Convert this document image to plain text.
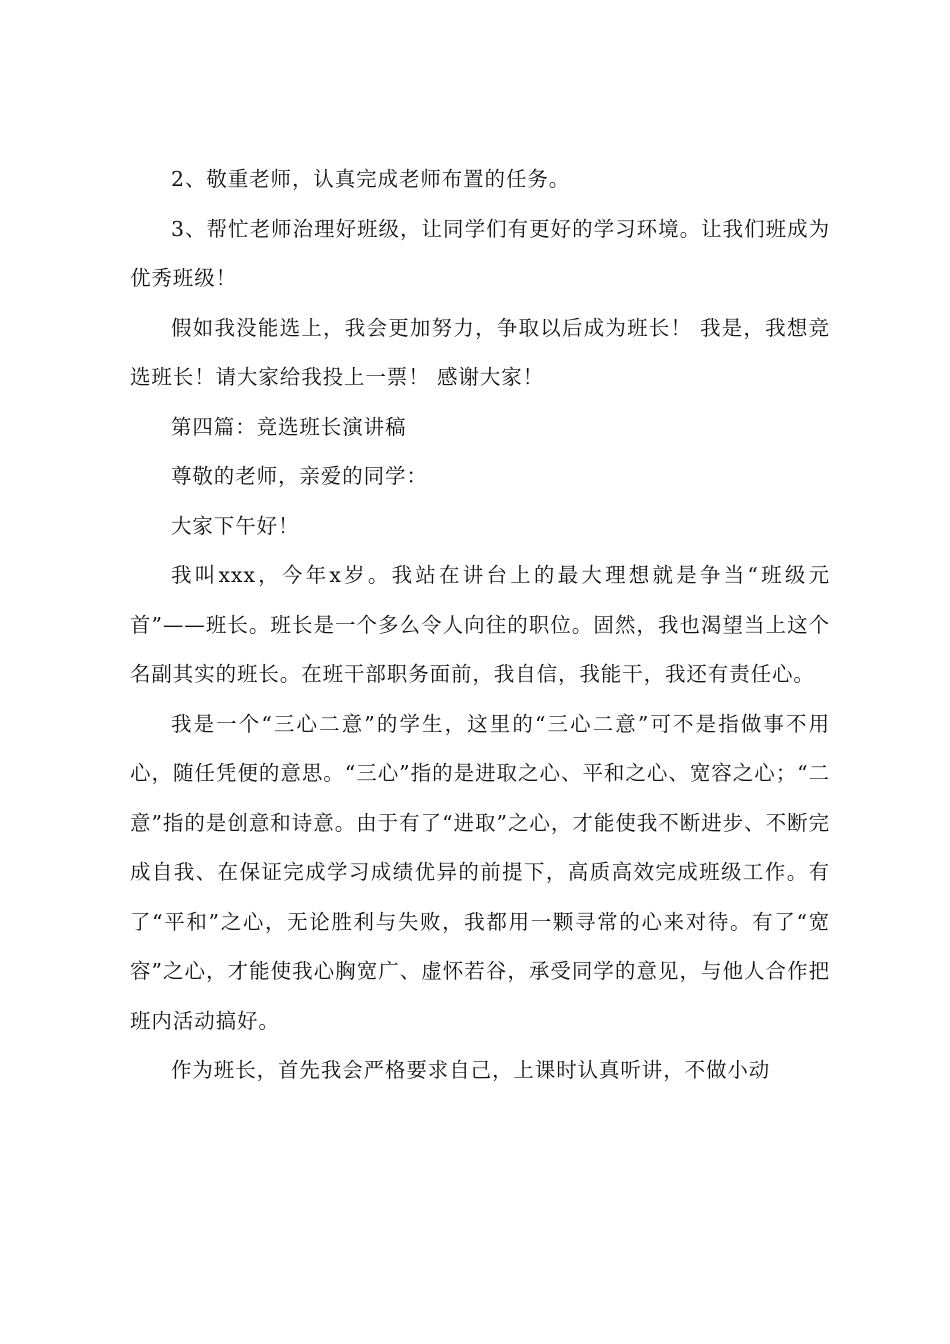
2、敬重老师，认真完成老师布置的任务。

3、帮忙老师治理好班级，让同学们有更好的学习环境。让我们班成为优秀班级！

假如我没能选上，我会更加努力，争取以后成为班长！ 我是，我想竞选班长！请大家给我投上一票！ 感谢大家！

第四篇：竞选班长演讲稿

尊敬的老师，亲爱的同学：

大家下午好！

我叫xxx，今年x岁。我站在讲台上的最大理想就是争当“班级元首”——班长。班长是一个多么令人向往的职位。固然，我也渴望当上这个名副其实的班长。在班干部职务面前，我自信，我能干，我还有责任心。

我是一个“三心二意”的学生，这里的“三心二意”可不是指做事不用心，随任凭便的意思。“三心”指的是进取之心、平和之心、宽容之心；“二意”指的是创意和诗意。由于有了“进取”之心，才能使我不断进步、不断完成自我、在保证完成学习成绩优异的前提下，高质高效完成班级工作。有了“平和”之心，无论胜利与失败，我都用一颗寻常的心来对待。有了“宽容”之心，才能使我心胸宽广、虚怀若谷，承受同学的意见，与他人合作把班内活动搞好。

作为班长，首先我会严格要求自己，上课时认真听讲，不做小动
